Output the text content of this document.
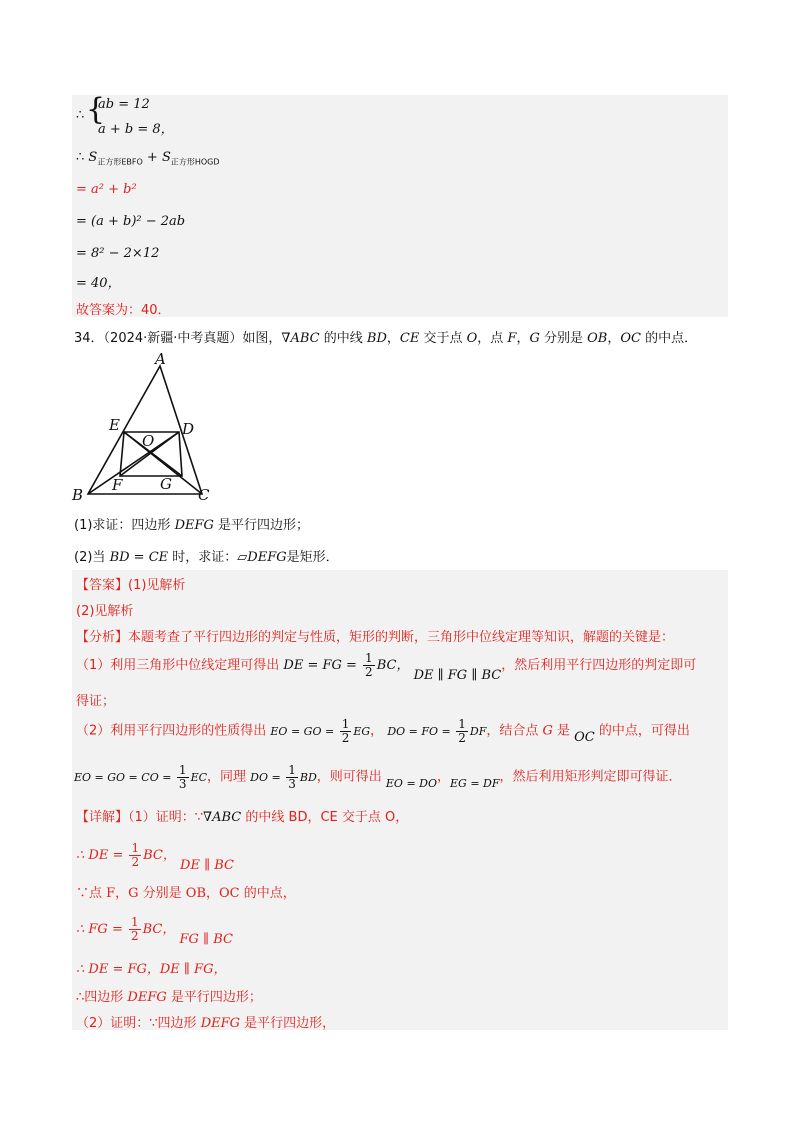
∴ {
ab = 12
a + b = 8，
∴ $S_{正方形EBFO} + S_{正方形HOGD}$
= a² + b²
= (a + b)² − 2ab
= 8² − 2×12
= 40，
故答案为：40．
34．（2024·新疆·中考真题）如图，∇ABC 的中线 BD，CE 交于点 O，点 F，G 分别是 OB，OC 的中点．
A
E
O
D
B
F	G
C
(1)求证：四边形 DEFG 是平行四边形；
(2)当 BD = CE 时，求证：▱DEFG是矩形．
【答案】(1)见解析
(2)见解析
【分析】本题考查了平行四边形的判定与性质，矩形的判断，三角形中位线定理等知识，解题的关键是：
（1）利用三角形中位线定理可得出 DE = FG = $\frac{1}{2}$ BC， DE ∥ FG ∥ BC，然后利用平行四边形的判定即可
得证；
（2）利用平行四边形的性质得出 EO = GO = $\frac{1}{2}$ EG， DO = FO = $\frac{1}{2}$ DF，结合点 G 是 OC 的中点，可得出
EO = GO = CO = $\frac{1}{3}$ EC，同理 DO = $\frac{1}{3}$ BD，则可得出 $_{EO = DO}$，$_{EG = DF}$，然后利用矩形判定即可得证．
【详解】（1）证明：∵∇ABC 的中线 BD，CE 交于点 O，
∴ DE = $\frac{1}{2}$ BC， DE ∥ BC
∵点 F，G 分别是 OB，OC 的中点，
∴ FG = $\frac{1}{2}$ BC， FG ∥ BC
∴ DE = FG，DE ∥ FG，
∴四边形 DEFG 是平行四边形；
（2）证明：∵四边形 DEFG 是平行四边形，
